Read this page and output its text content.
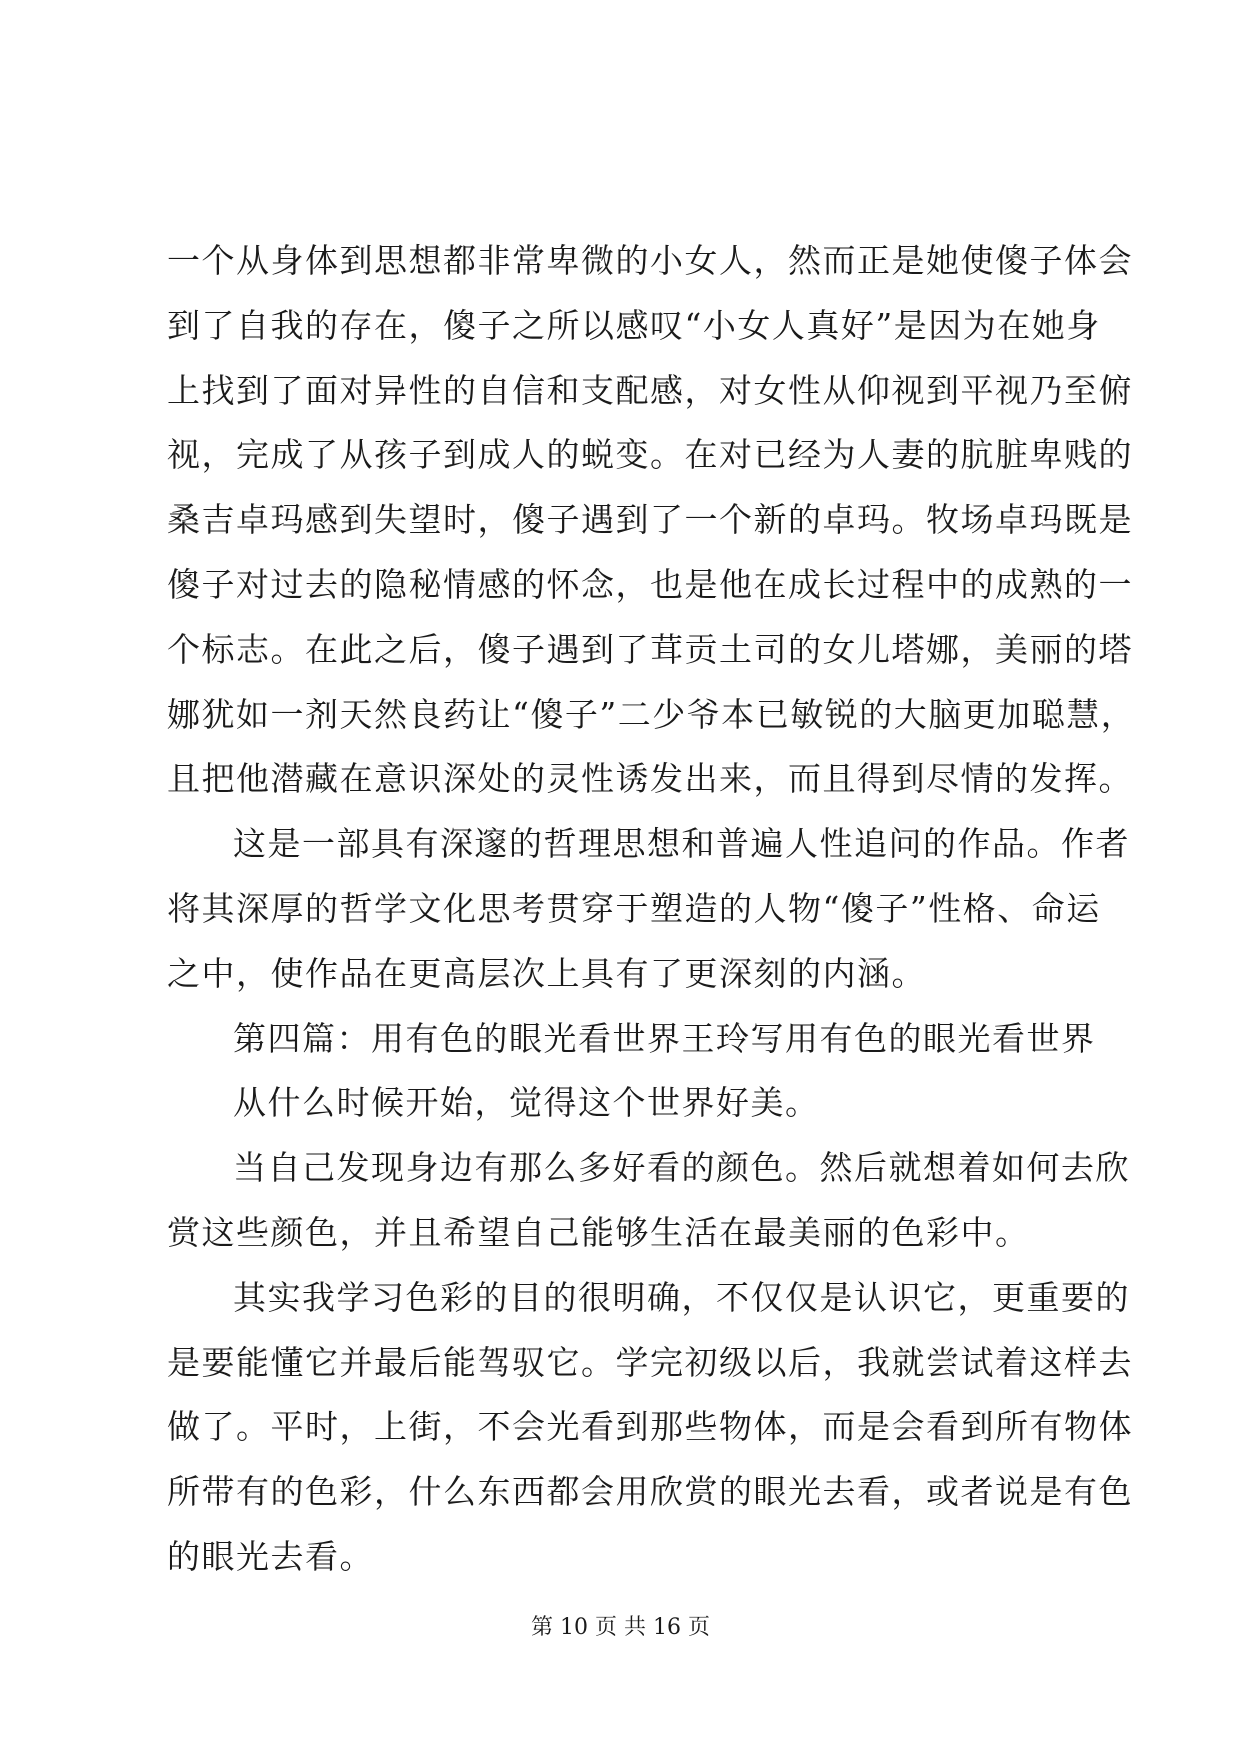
一个从身体到思想都非常卑微的小女人，然而正是她使傻子体会
到了自我的存在，傻子之所以感叹“小女人真好”是因为在她身
上找到了面对异性的自信和支配感，对女性从仰视到平视乃至俯
视，完成了从孩子到成人的蜕变。在对已经为人妻的肮脏卑贱的
桑吉卓玛感到失望时，傻子遇到了一个新的卓玛。牧场卓玛既是
傻子对过去的隐秘情感的怀念，也是他在成长过程中的成熟的一
个标志。在此之后，傻子遇到了茸贡土司的女儿塔娜，美丽的塔
娜犹如一剂天然良药让“傻子”二少爷本已敏锐的大脑更加聪慧，
且把他潜藏在意识深处的灵性诱发出来，而且得到尽情的发挥。
这是一部具有深邃的哲理思想和普遍人性追问的作品。作者
将其深厚的哲学文化思考贯穿于塑造的人物“傻子”性格、命运
之中，使作品在更高层次上具有了更深刻的内涵。
第四篇：用有色的眼光看世界王玲写用有色的眼光看世界
从什么时候开始，觉得这个世界好美。
当自己发现身边有那么多好看的颜色。然后就想着如何去欣
赏这些颜色，并且希望自己能够生活在最美丽的色彩中。
其实我学习色彩的目的很明确，不仅仅是认识它，更重要的
是要能懂它并最后能驾驭它。学完初级以后，我就尝试着这样去
做了。平时，上街，不会光看到那些物体，而是会看到所有物体
所带有的色彩，什么东西都会用欣赏的眼光去看，或者说是有色
的眼光去看。
第 10 页 共 16 页
